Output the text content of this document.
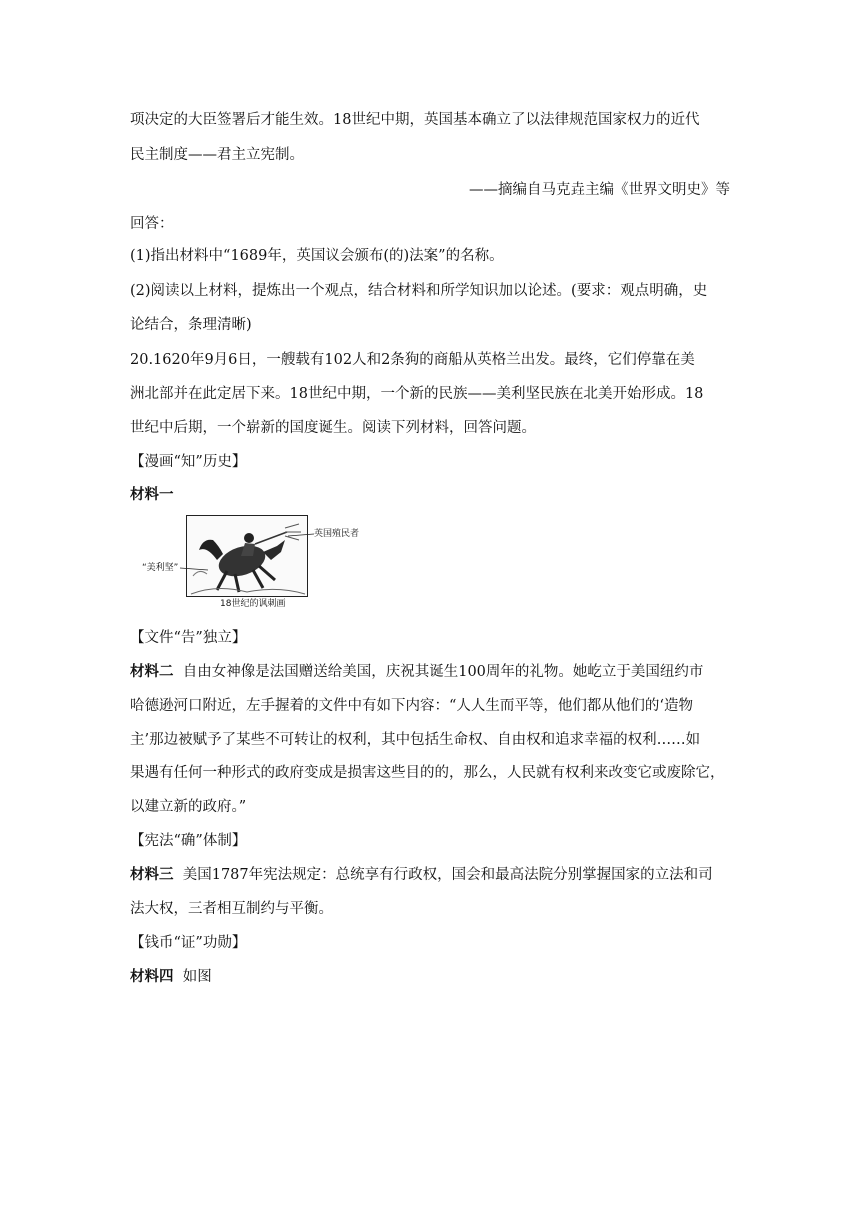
项决定的大臣签署后才能生效。18世纪中期，英国基本确立了以法律规范国家权力的近代
民主制度——君主立宪制。
——摘编自马克垚主编《世界文明史》等
回答：
(1)指出材料中“1689年，英国议会颁布(的)法案”的名称。
(2)阅读以上材料，提炼出一个观点，结合材料和所学知识加以论述。(要求：观点明确，史
论结合，条理清晰)
20.1620年9月6日，一艘载有102人和2条狗的商船从英格兰出发。最终，它们停靠在美
洲北部并在此定居下来。18世纪中期，一个新的民族——美利坚民族在北美开始形成。18
世纪中后期，一个崭新的国度诞生。阅读下列材料，回答问题。
【漫画“知”历史】
材料一
英国殖民者
“美利坚”
18世纪的讽刺画
【文件“告”独立】
材料二 自由女神像是法国赠送给美国，庆祝其诞生100周年的礼物。她屹立于美国纽约市
哈德逊河口附近，左手握着的文件中有如下内容：“人人生而平等，他们都从他们的‘造物
主’那边被赋予了某些不可转让的权利，其中包括生命权、自由权和追求幸福的权利……如
果遇有任何一种形式的政府变成是损害这些目的的，那么，人民就有权利来改变它或废除它，
以建立新的政府。”
【宪法“确”体制】
材料三 美国1787年宪法规定：总统享有行政权，国会和最高法院分别掌握国家的立法和司
法大权，三者相互制约与平衡。
【钱币“证”功勋】
材料四 如图
